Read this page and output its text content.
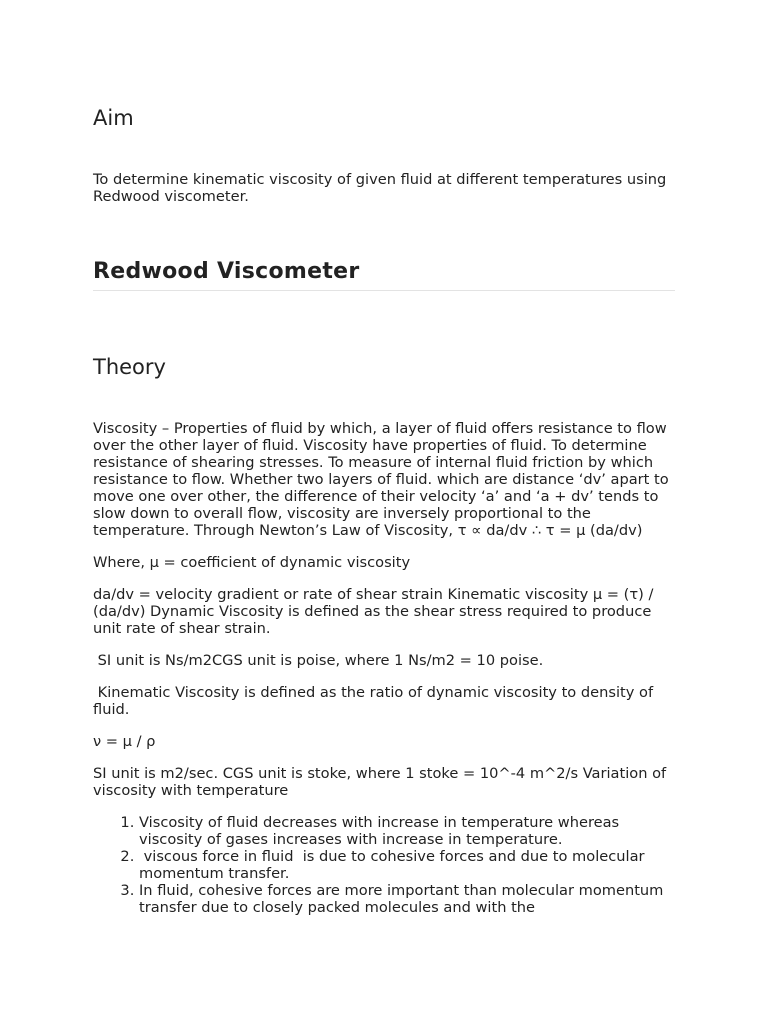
Aim

To determine kinematic viscosity of given fluid at different temperatures using Redwood viscometer.

Redwood Viscometer
Theory

Viscosity – Properties of fluid by which, a layer of fluid offers resistance to flow over the other layer of fluid. Viscosity have properties of fluid. To determine resistance of shearing stresses. To measure of internal fluid friction by which resistance to flow. Whether two layers of fluid. which are distance ‘dv’ apart to move one over other, the difference of their velocity ‘a’ and ‘a + dv’ tends to slow down to overall flow, viscosity are inversely proportional to the temperature. Through Newton’s Law of Viscosity, τ ∝ da/dv ∴ τ = μ (da/dv)

Where, μ = coefficient of dynamic viscosity

da/dv = velocity gradient or rate of shear strain Kinematic viscosity μ = (τ) / (da/dv) Dynamic Viscosity is defined as the shear stress required to produce unit rate of shear strain.

SI unit is Ns/m2CGS unit is poise, where 1 Ns/m2 = 10 poise.

Kinematic Viscosity is defined as the ratio of dynamic viscosity to density of fluid.

ν = μ / ρ

SI unit is m2/sec. CGS unit is stoke, where 1 stoke = 10^-4 m^2/s Variation of viscosity with temperature

1. Viscosity of fluid decreases with increase in temperature whereas viscosity of gases increases with increase in temperature.
2.  viscous force in fluid  is due to cohesive forces and due to molecular momentum transfer.
3. In fluid, cohesive forces are more important than molecular momentum transfer due to closely packed molecules and with the
